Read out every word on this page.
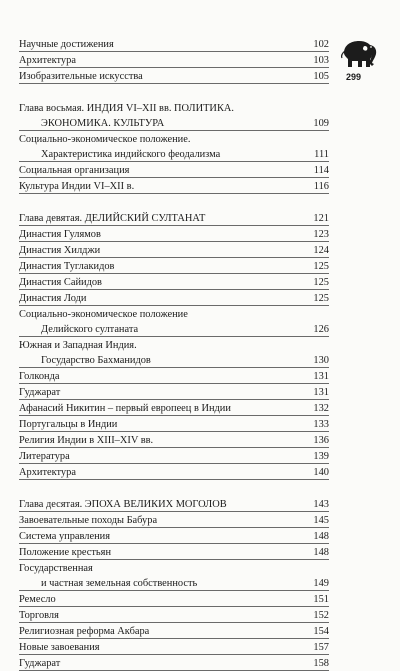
Научные достижения	102
Архитектура	103
Изобразительные искусства	105
Глава восьмая. ИНДИЯ VI–XII вв. ПОЛИТИКА.
ЭКОНОМИКА. КУЛЬТУРА	109
Социально-экономическое положение.
Характеристика индийского феодализма	111
Социальная организация	114
Культура Индии VI–XII в.	116
Глава девятая. ДЕЛИЙСКИЙ СУЛТАНАТ	121
Династия Гулямов	123
Династия Хилджи	124
Династия Туглакидов	125
Династия Сайидов	125
Династия Лоди	125
Социально-экономическое положение
Делийского султаната	126
Южная и Западная Индия.
Государство Бахманидов	130
Голконда	131
Гуджарат	131
Афанасий Никитин – первый европеец в Индии	132
Португальцы в Индии	133
Религия Индии в XIII–XIV вв.	136
Литература	139
Архитектура	140
Глава десятая. ЭПОХА ВЕЛИКИХ МОГОЛОВ	143
Завоевательные походы Бабура	145
Система управления	148
Положение крестьян	148
Государственная
и частная земельная собственность	149
Ремесло	151
Торговля	152
Религиозная реформа Акбара	154
Новые завоевания	157
Гуджарат	158
299
